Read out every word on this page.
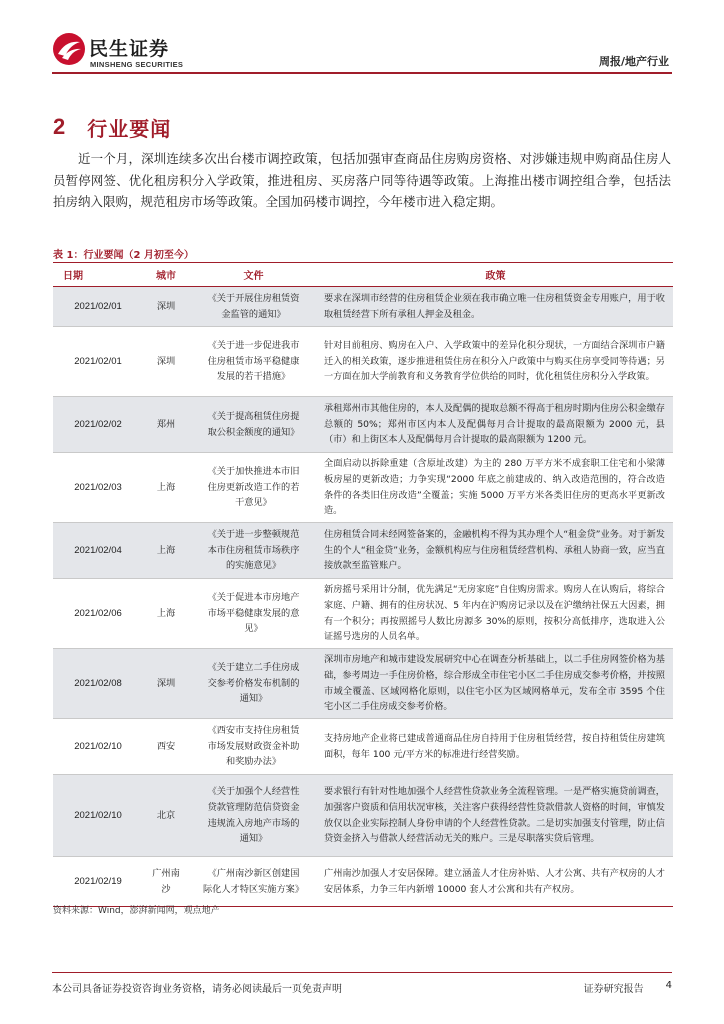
民生证券
MINSHENG SECURITIES	周报/地产行业
2 行业要闻

近一个月，深圳连续多次出台楼市调控政策，包括加强审查商品住房购房资格、对涉嫌违规申购商品住房人员暂停网签、优化租房积分入学政策，推进租房、买房落户同等待遇等政策。上海推出楼市调控组合拳，包括法拍房纳入限购，规范租房市场等政策。全国加码楼市调控，今年楼市进入稳定期。

表 1：行业要闻（2 月初至今）
日期	城市	文件	政策
2021/02/01	深圳	《关于开展住房租赁资金监管的通知》	要求在深圳市经营的住房租赁企业须在我市确立唯一住房租赁资金专用账户，用于收取租赁经营下所有承租人押金及租金。
2021/02/01	深圳	《关于进一步促进我市住房租赁市场平稳健康发展的若干措施》	针对目前租房、购房在入户、入学政策中的差异化积分现状，一方面结合深圳市户籍迁入的相关政策，逐步推进租赁住房在积分入户政策中与购买住房享受同等待遇；另一方面在加大学前教育和义务教育学位供给的同时，优化租赁住房积分入学政策。
2021/02/02	郑州	《关于提高租赁住房提取公积金额度的通知》	承租郑州市其他住房的，本人及配偶的提取总额不得高于租房时期内住房公积金缴存总额的 50%；郑州市区内本人及配偶每月合计提取的最高限额为 2000 元，县（市）和上街区本人及配偶每月合计提取的最高限额为 1200 元。
2021/02/03	上海	《关于加快推进本市旧住房更新改造工作的若干意见》	全面启动以拆除重建（含原址改建）为主的 280 万平方米不成套职工住宅和小梁薄板房屋的更新改造；力争实现“2000 年底之前建成的、纳入改造范围的，符合改造条件的各类旧住房改造”全覆盖；实施 5000 万平方米各类旧住房的更高水平更新改造。
2021/02/04	上海	《关于进一步整顿规范本市住房租赁市场秩序的实施意见》	住房租赁合同未经网签备案的，金融机构不得为其办理个人“租金贷”业务。对于新发生的个人“租金贷”业务，金额机构应与住房租赁经营机构、承租人协商一致，应当直接放款至监管账户。
2021/02/06	上海	《关于促进本市房地产市场平稳健康发展的意见》	新房摇号采用计分制，优先满足“无房家庭”自住购房需求。购房人在认购后，将综合家庭、户籍、拥有的住房状况、5 年内在沪购房记录以及在沪缴纳社保五大因素，拥有一个积分；再按照摇号人数比房源多 30%的原则，按积分高低排序，选取进入公证摇号选房的人员名单。
2021/02/08	深圳	《关于建立二手住房成交参考价格发布机制的通知》	深圳市房地产和城市建设发展研究中心在调查分析基础上，以二手住房网签价格为基础，参考周边一手住房价格，综合形成全市住宅小区二手住房成交参考价格，并按照市域全覆盖、区域网格化原则，以住宅小区为区域网格单元，发布全市 3595 个住宅小区二手住房成交参考价格。
2021/02/10	西安	《西安市支持住房租赁市场发展财政资金补助和奖励办法》	支持房地产企业将已建成普通商品住房自持用于住房租赁经营，按自持租赁住房建筑面积，每年 100 元/平方米的标准进行经营奖励。
2021/02/10	北京	《关于加强个人经营性贷款管理防范信贷资金违规流入房地产市场的通知》	要求银行有针对性地加强个人经营性贷款业务全流程管理。一是严格实施贷前调查，加强客户资质和信用状况审核，关注客户获得经营性贷款借款人资格的时间，审慎发放仅以企业实际控制人身份申请的个人经营性贷款。二是切实加强支付管理，防止信贷资金挤入与借款人经营活动无关的账户。三是尽职落实贷后管理。
2021/02/19	广州南沙	《广州南沙新区创建国际化人才特区实施方案》	广州南沙加强人才安居保障。建立涵盖人才住房补贴、人才公寓、共有产权房的人才安居体系，力争三年内新增 10000 套人才公寓和共有产权房。
资料来源：Wind，澎湃新闻网，观点地产
本公司具备证券投资咨询业务资格，请务必阅读最后一页免责声明	证券研究报告 4
